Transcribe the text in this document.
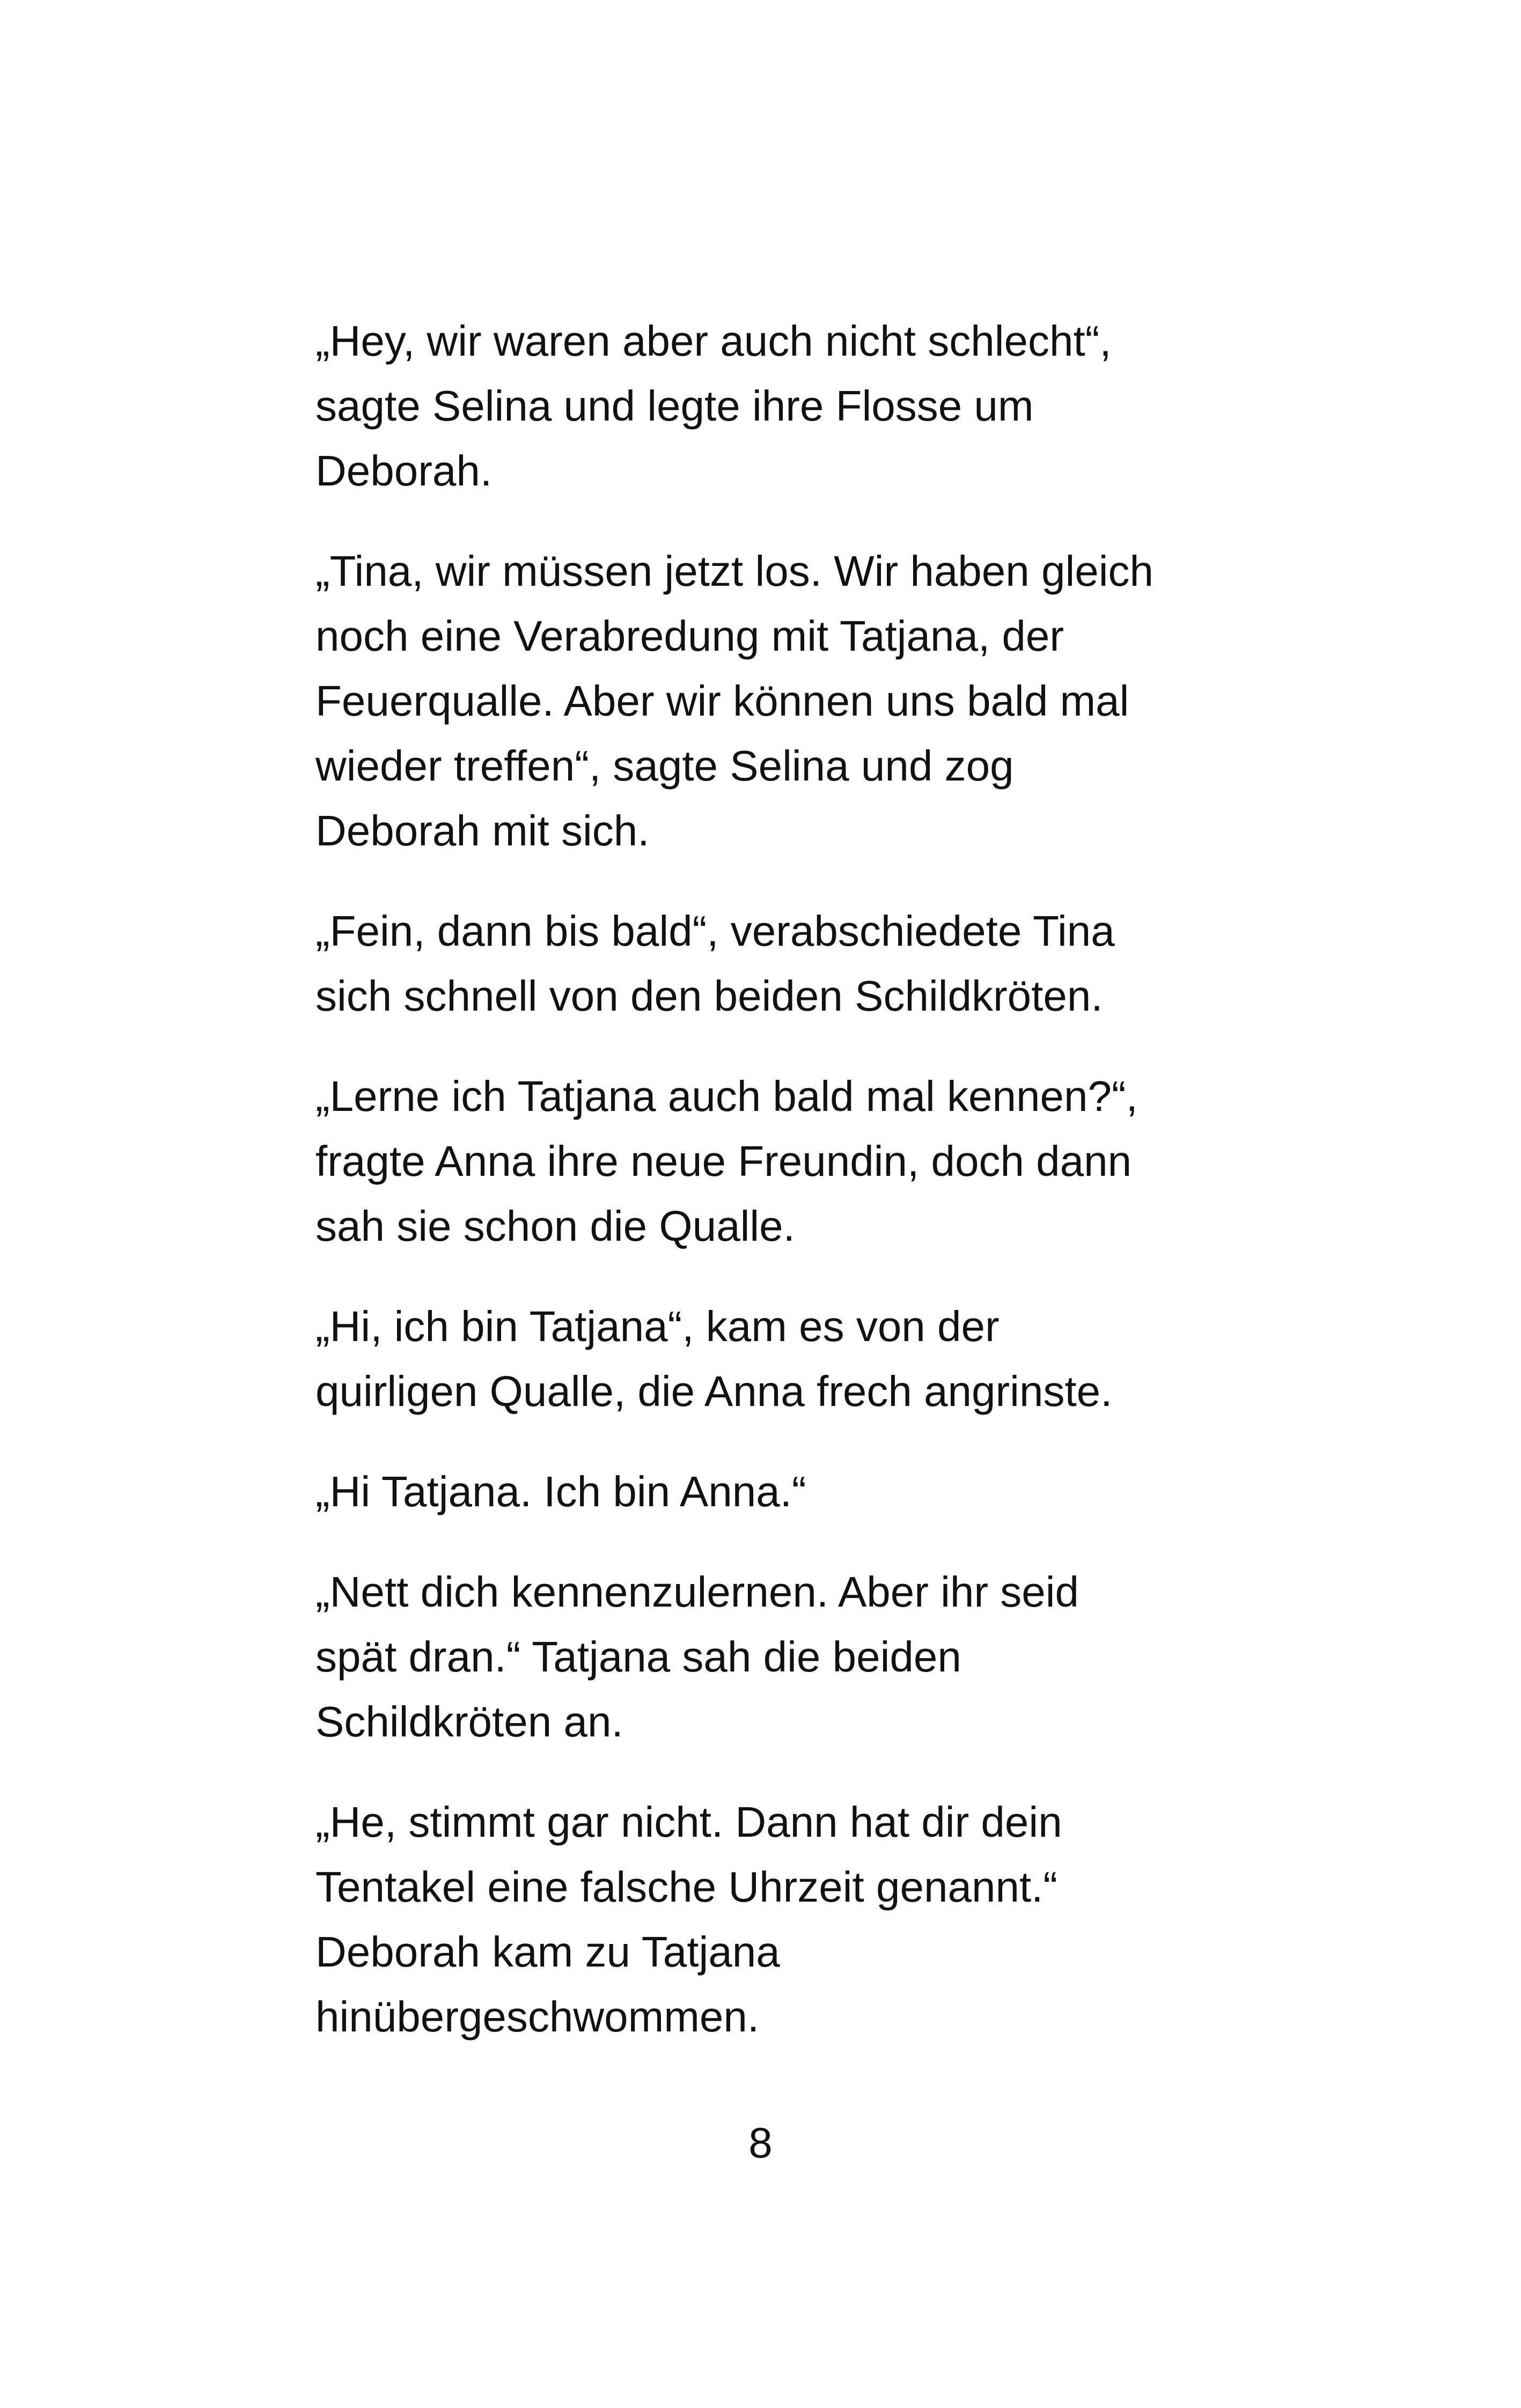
„Hey, wir waren aber auch nicht schlecht“,
sagte Selina und legte ihre Flosse um
Deborah.

„Tina, wir müssen jetzt los. Wir haben gleich
noch eine Verabredung mit Tatjana, der
Feuerqualle. Aber wir können uns bald mal
wieder treffen“, sagte Selina und zog
Deborah mit sich.

„Fein, dann bis bald“, verabschiedete Tina
sich schnell von den beiden Schildkröten.

„Lerne ich Tatjana auch bald mal kennen?“,
fragte Anna ihre neue Freundin, doch dann
sah sie schon die Qualle.

„Hi, ich bin Tatjana“, kam es von der
quirligen Qualle, die Anna frech angrinste.

„Hi Tatjana. Ich bin Anna.“

„Nett dich kennenzulernen. Aber ihr seid
spät dran.“ Tatjana sah die beiden
Schildkröten an.

„He, stimmt gar nicht. Dann hat dir dein
Tentakel eine falsche Uhrzeit genannt.“
Deborah kam zu Tatjana
hinübergeschwommen.

8
